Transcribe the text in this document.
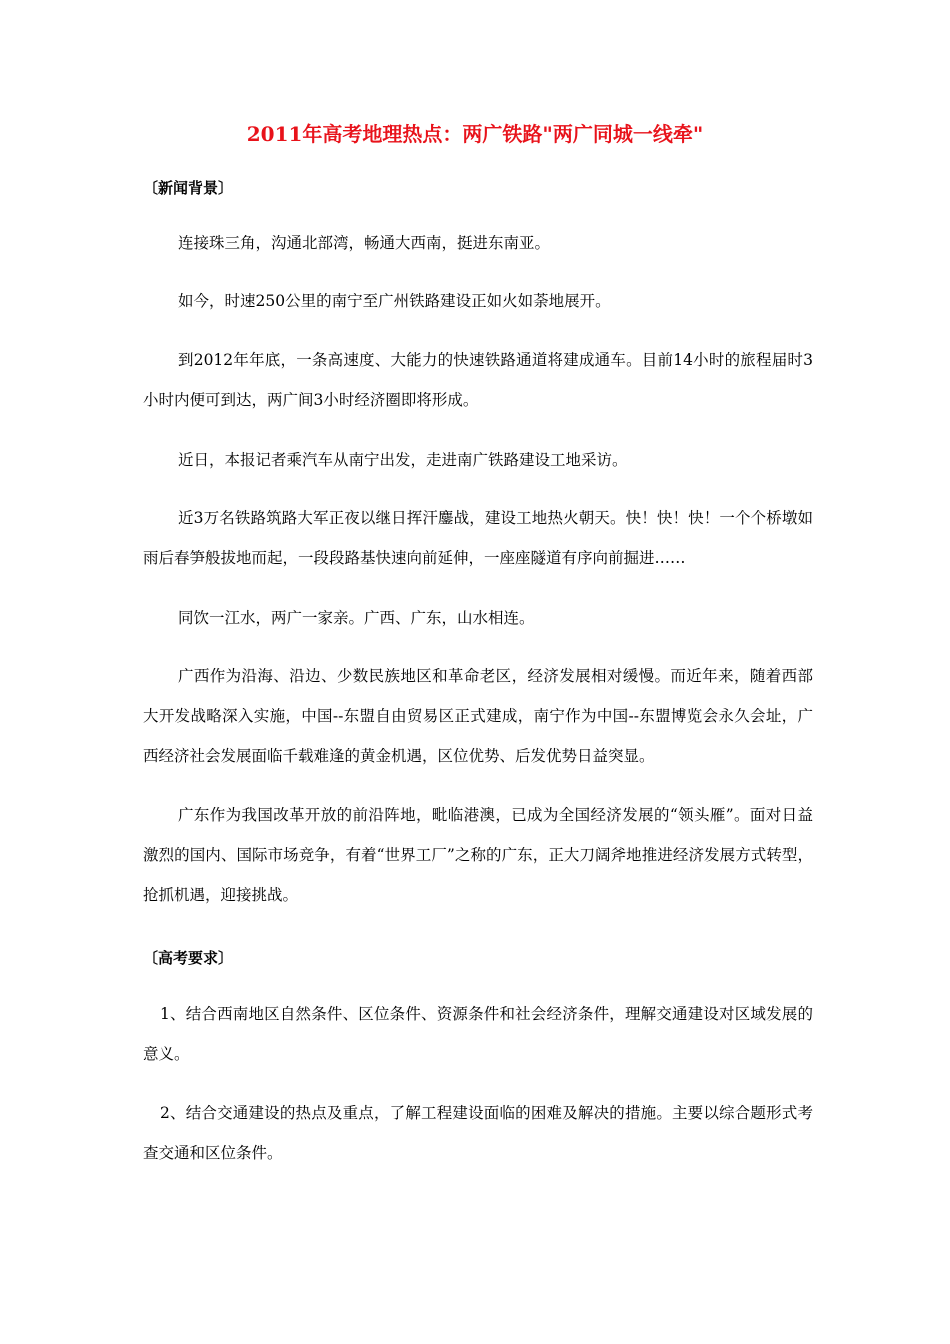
2011年高考地理热点：两广铁路"两广同城一线牵"
〔新闻背景〕
连接珠三角，沟通北部湾，畅通大西南，挺进东南亚。
如今，时速250公里的南宁至广州铁路建设正如火如荼地展开。
到2012年年底，一条高速度、大能力的快速铁路通道将建成通车。目前14小时的旅程届时3小时内便可到达，两广间3小时经济圈即将形成。
近日，本报记者乘汽车从南宁出发，走进南广铁路建设工地采访。
近3万名铁路筑路大军正夜以继日挥汗鏖战，建设工地热火朝天。快！快！快！一个个桥墩如雨后春笋般拔地而起，一段段路基快速向前延伸，一座座隧道有序向前掘进……
同饮一江水，两广一家亲。广西、广东，山水相连。
广西作为沿海、沿边、少数民族地区和革命老区，经济发展相对缓慢。而近年来，随着西部大开发战略深入实施，中国--东盟自由贸易区正式建成，南宁作为中国--东盟博览会永久会址，广西经济社会发展面临千载难逢的黄金机遇，区位优势、后发优势日益突显。
广东作为我国改革开放的前沿阵地，毗临港澳，已成为全国经济发展的“领头雁”。面对日益激烈的国内、国际市场竞争，有着“世界工厂”之称的广东，正大刀阔斧地推进经济发展方式转型，抢抓机遇，迎接挑战。
〔高考要求〕
1、结合西南地区自然条件、区位条件、资源条件和社会经济条件，理解交通建设对区域发展的意义。
2、结合交通建设的热点及重点，了解工程建设面临的困难及解决的措施。主要以综合题形式考查交通和区位条件。
